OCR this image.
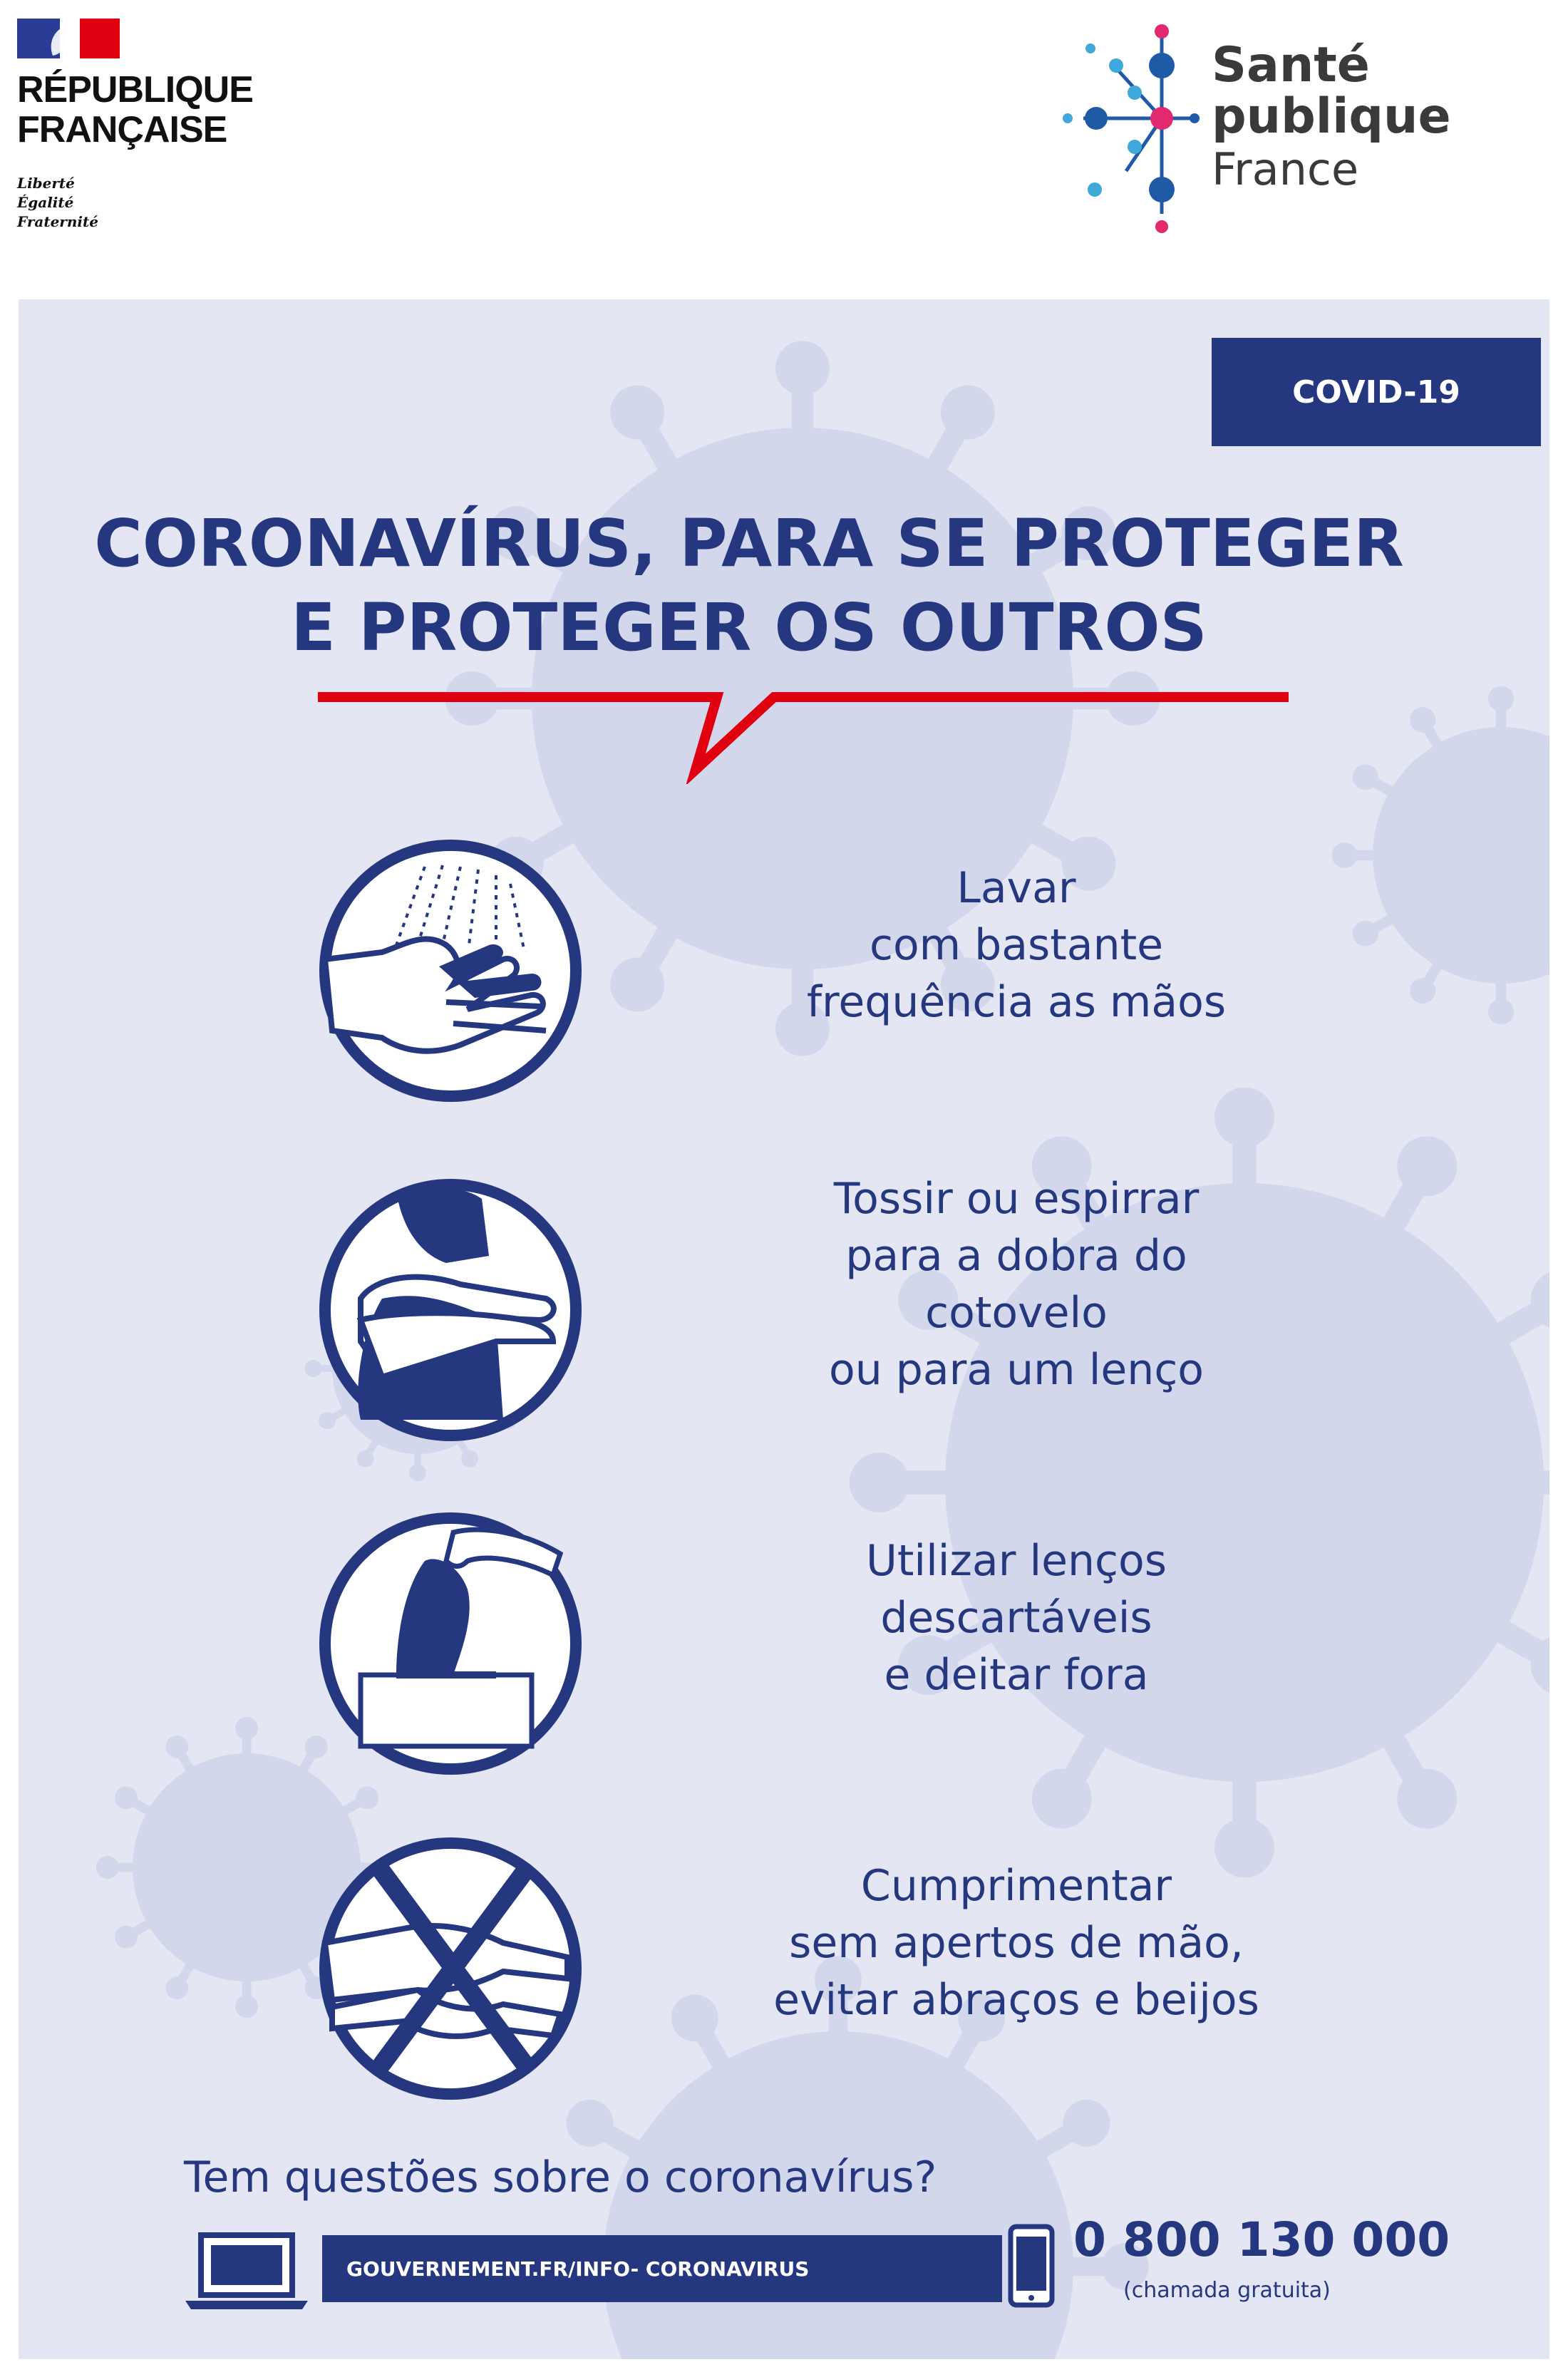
RÉPUBLIQUE
FRANÇAISE
Liberté
Égalité
Fraternité
Santé
publique
France
COVID-19
CORONAVÍRUS, PARA SE PROTEGER
E PROTEGER OS OUTROS
Lavar
com bastante
frequência as mãos
Tossir ou espirrar
para a dobra do
cotovelo
ou para um lenço
Utilizar lenços
descartáveis
e deitar fora
Cumprimentar
sem apertos de mão,
evitar abraços e beijos
Tem questões sobre o coronavírus?
GOUVERNEMENT.FR/INFO- CORONAVIRUS
0 800 130 000
(chamada gratuita)
